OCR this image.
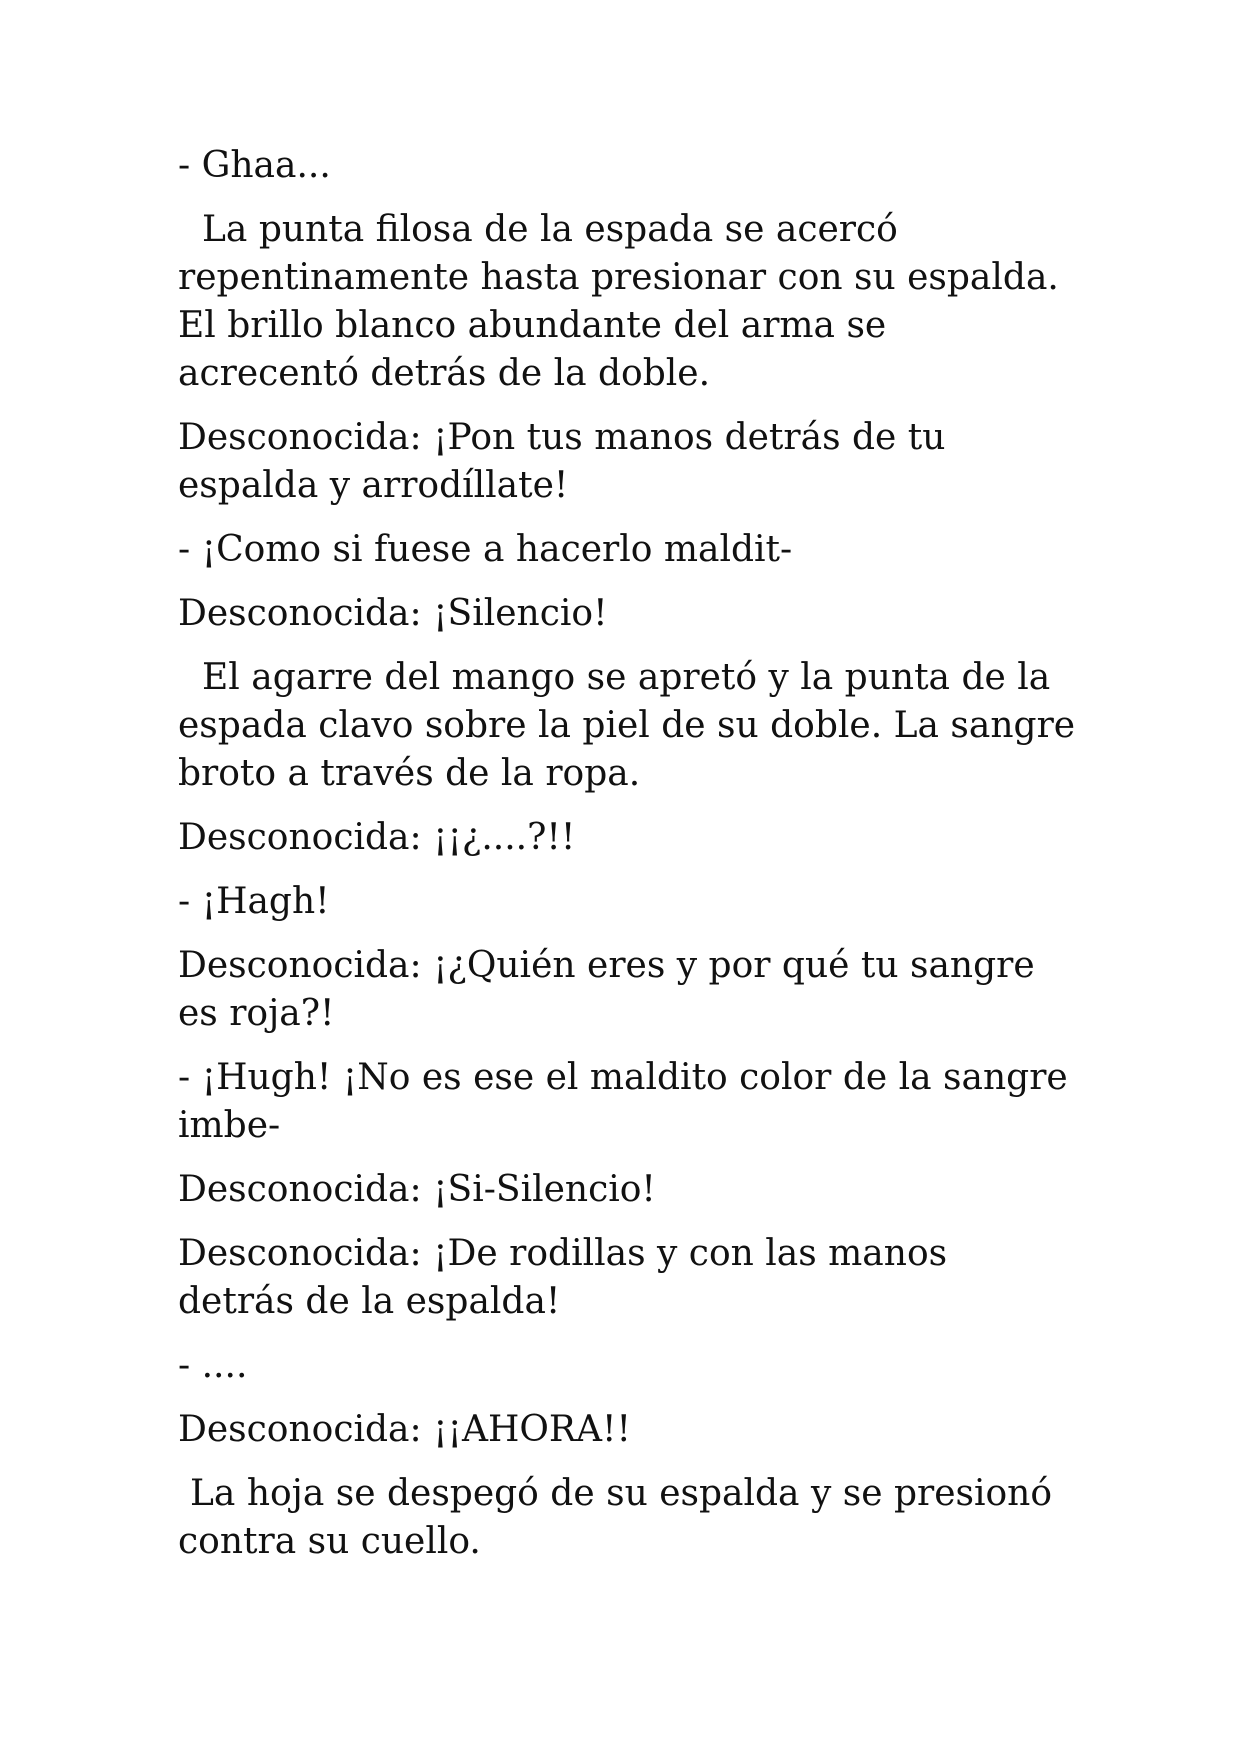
- Ghaa...

La punta filosa de la espada se acercó
repentinamente hasta presionar con su espalda.
El brillo blanco abundante del arma se
acrecentó detrás de la doble.

Desconocida: ¡Pon tus manos detrás de tu
espalda y arrodíllate!

- ¡Como si fuese a hacerlo maldit-

Desconocida: ¡Silencio!

El agarre del mango se apretó y la punta de la
espada clavo sobre la piel de su doble. La sangre
broto a través de la ropa.

Desconocida: ¡¡¿....?!!

- ¡Hagh!

Desconocida: ¡¿Quién eres y por qué tu sangre
es roja?!

- ¡Hugh! ¡No es ese el maldito color de la sangre
imbe-

Desconocida: ¡Si-Silencio!

Desconocida: ¡De rodillas y con las manos
detrás de la espalda!

- ....

Desconocida: ¡¡AHORA!!

La hoja se despegó de su espalda y se presionó
contra su cuello.
